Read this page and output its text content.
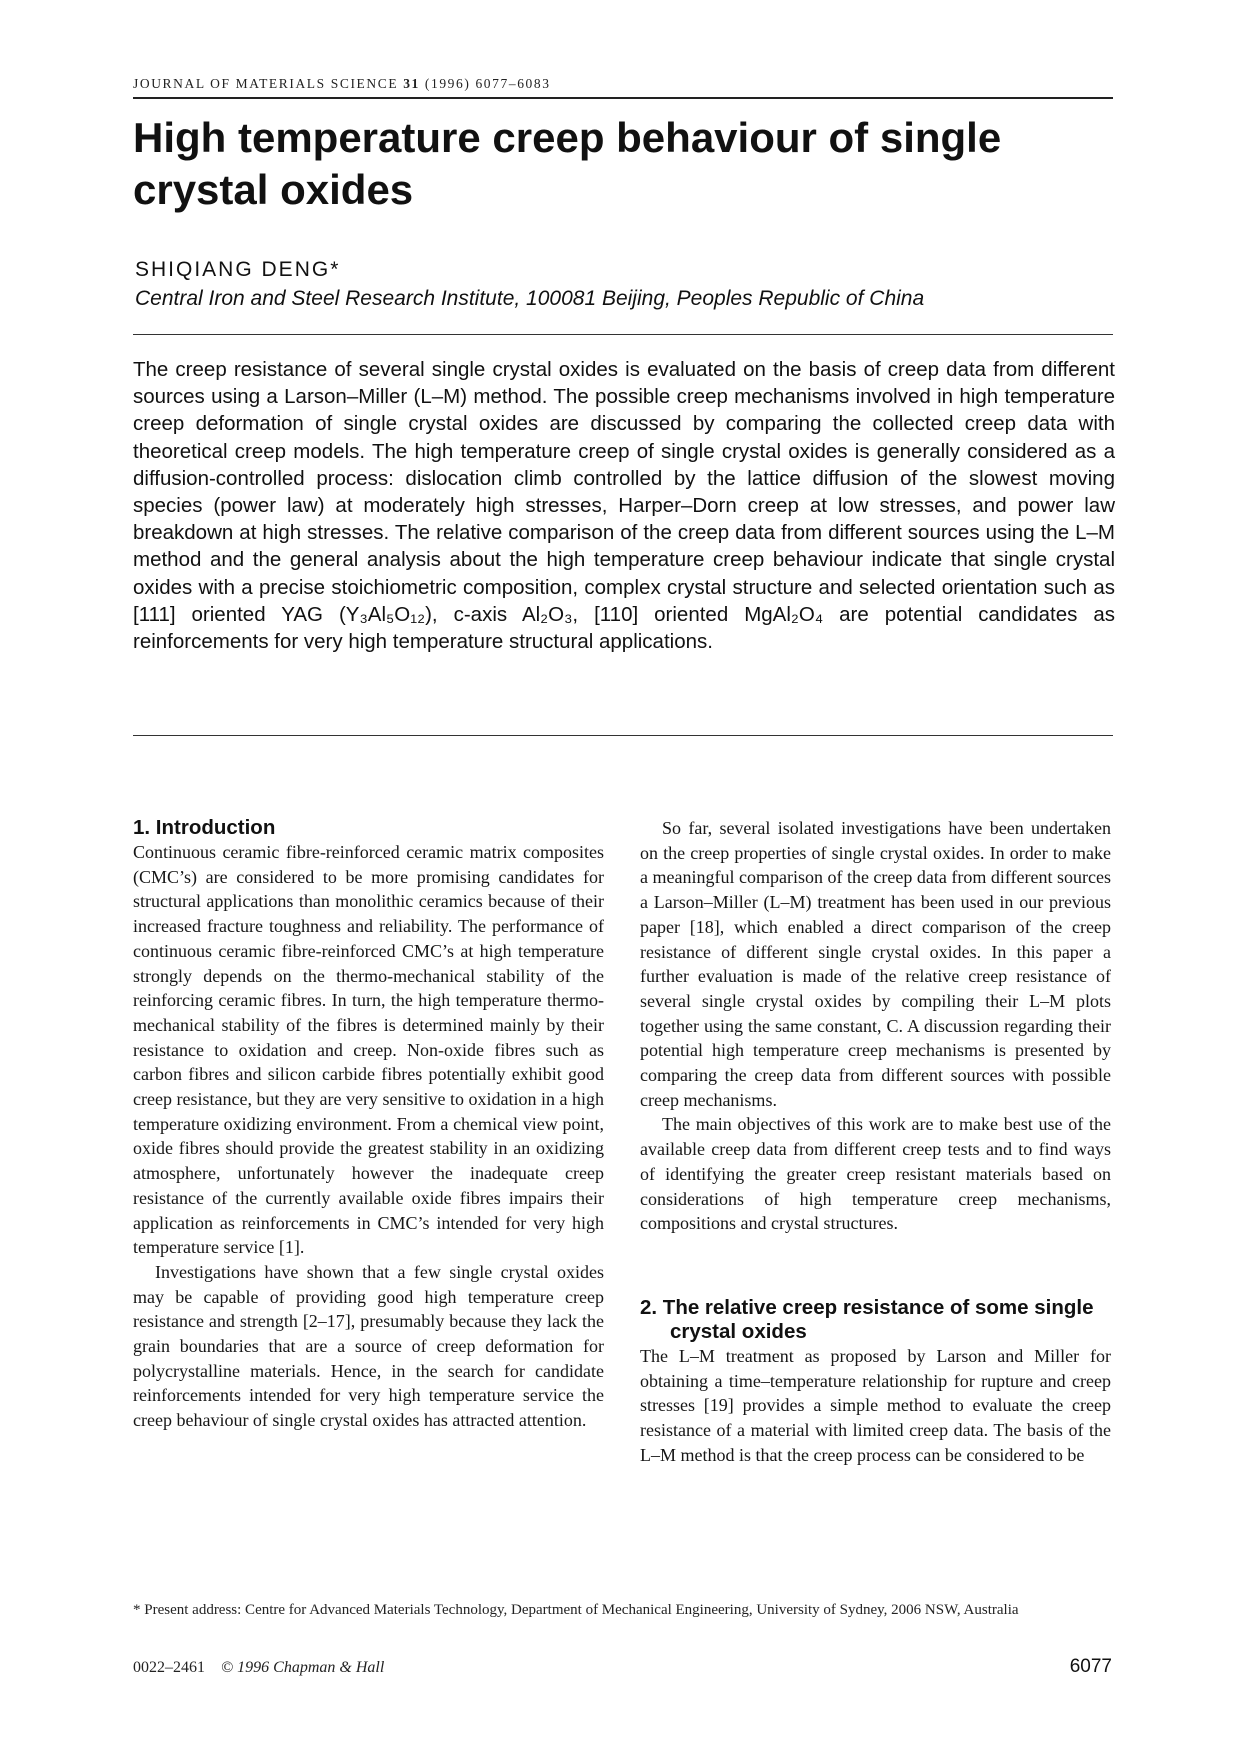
JOURNAL OF MATERIALS SCIENCE 31 (1996) 6077–6083
High temperature creep behaviour of single crystal oxides
SHIQIANG DENG*
Central Iron and Steel Research Institute, 100081 Beijing, Peoples Republic of China

The creep resistance of several single crystal oxides is evaluated on the basis of creep data from different sources using a Larson–Miller (L–M) method. The possible creep mechanisms involved in high temperature creep deformation of single crystal oxides are discussed by comparing the collected creep data with theoretical creep models. The high temperature creep of single crystal oxides is generally considered as a diffusion-controlled process: dislocation climb controlled by the lattice diffusion of the slowest moving species (power law) at moderately high stresses, Harper–Dorn creep at low stresses, and power law breakdown at high stresses. The relative comparison of the creep data from different sources using the L–M method and the general analysis about the high temperature creep behaviour indicate that single crystal oxides with a precise stoichiometric composition, complex crystal structure and selected orientation such as [111] oriented YAG (Y₃Al₅O₁₂), c-axis Al₂O₃, [110] oriented MgAl₂O₄ are potential candidates as reinforcements for very high temperature structural applications.

1. Introduction

Continuous ceramic fibre-reinforced ceramic matrix composites (CMC’s) are considered to be more promising candidates for structural applications than monolithic ceramics because of their increased fracture toughness and reliability. The performance of continuous ceramic fibre-reinforced CMC’s at high temperature strongly depends on the thermo-mechanical stability of the reinforcing ceramic fibres. In turn, the high temperature thermo-mechanical stability of the fibres is determined mainly by their resistance to oxidation and creep. Non-oxide fibres such as carbon fibres and silicon carbide fibres potentially exhibit good creep resistance, but they are very sensitive to oxidation in a high temperature oxidizing environment. From a chemical view point, oxide fibres should provide the greatest stability in an oxidizing atmosphere, unfortunately however the inadequate creep resistance of the currently available oxide fibres impairs their application as reinforcements in CMC’s intended for very high temperature service [1].

Investigations have shown that a few single crystal oxides may be capable of providing good high temperature creep resistance and strength [2–17], presumably because they lack the grain boundaries that are a source of creep deformation for polycrystalline materials. Hence, in the search for candidate reinforcements intended for very high temperature service the creep behaviour of single crystal oxides has attracted attention.

So far, several isolated investigations have been undertaken on the creep properties of single crystal oxides. In order to make a meaningful comparison of the creep data from different sources a Larson–Miller (L–M) treatment has been used in our previous paper [18], which enabled a direct comparison of the creep resistance of different single crystal oxides. In this paper a further evaluation is made of the relative creep resistance of several single crystal oxides by compiling their L–M plots together using the same constant, C. A discussion regarding their potential high temperature creep mechanisms is presented by comparing the creep data from different sources with possible creep mechanisms.

The main objectives of this work are to make best use of the available creep data from different creep tests and to find ways of identifying the greater creep resistant materials based on considerations of high temperature creep mechanisms, compositions and crystal structures.

2. The relative creep resistance of some single crystal oxides

The L–M treatment as proposed by Larson and Miller for obtaining a time–temperature relationship for rupture and creep stresses [19] provides a simple method to evaluate the creep resistance of a material with limited creep data. The basis of the L–M method is that the creep process can be considered to be

* Present address: Centre for Advanced Materials Technology, Department of Mechanical Engineering, University of Sydney, 2006 NSW, Australia
0022–2461 © 1996 Chapman & Hall	6077
